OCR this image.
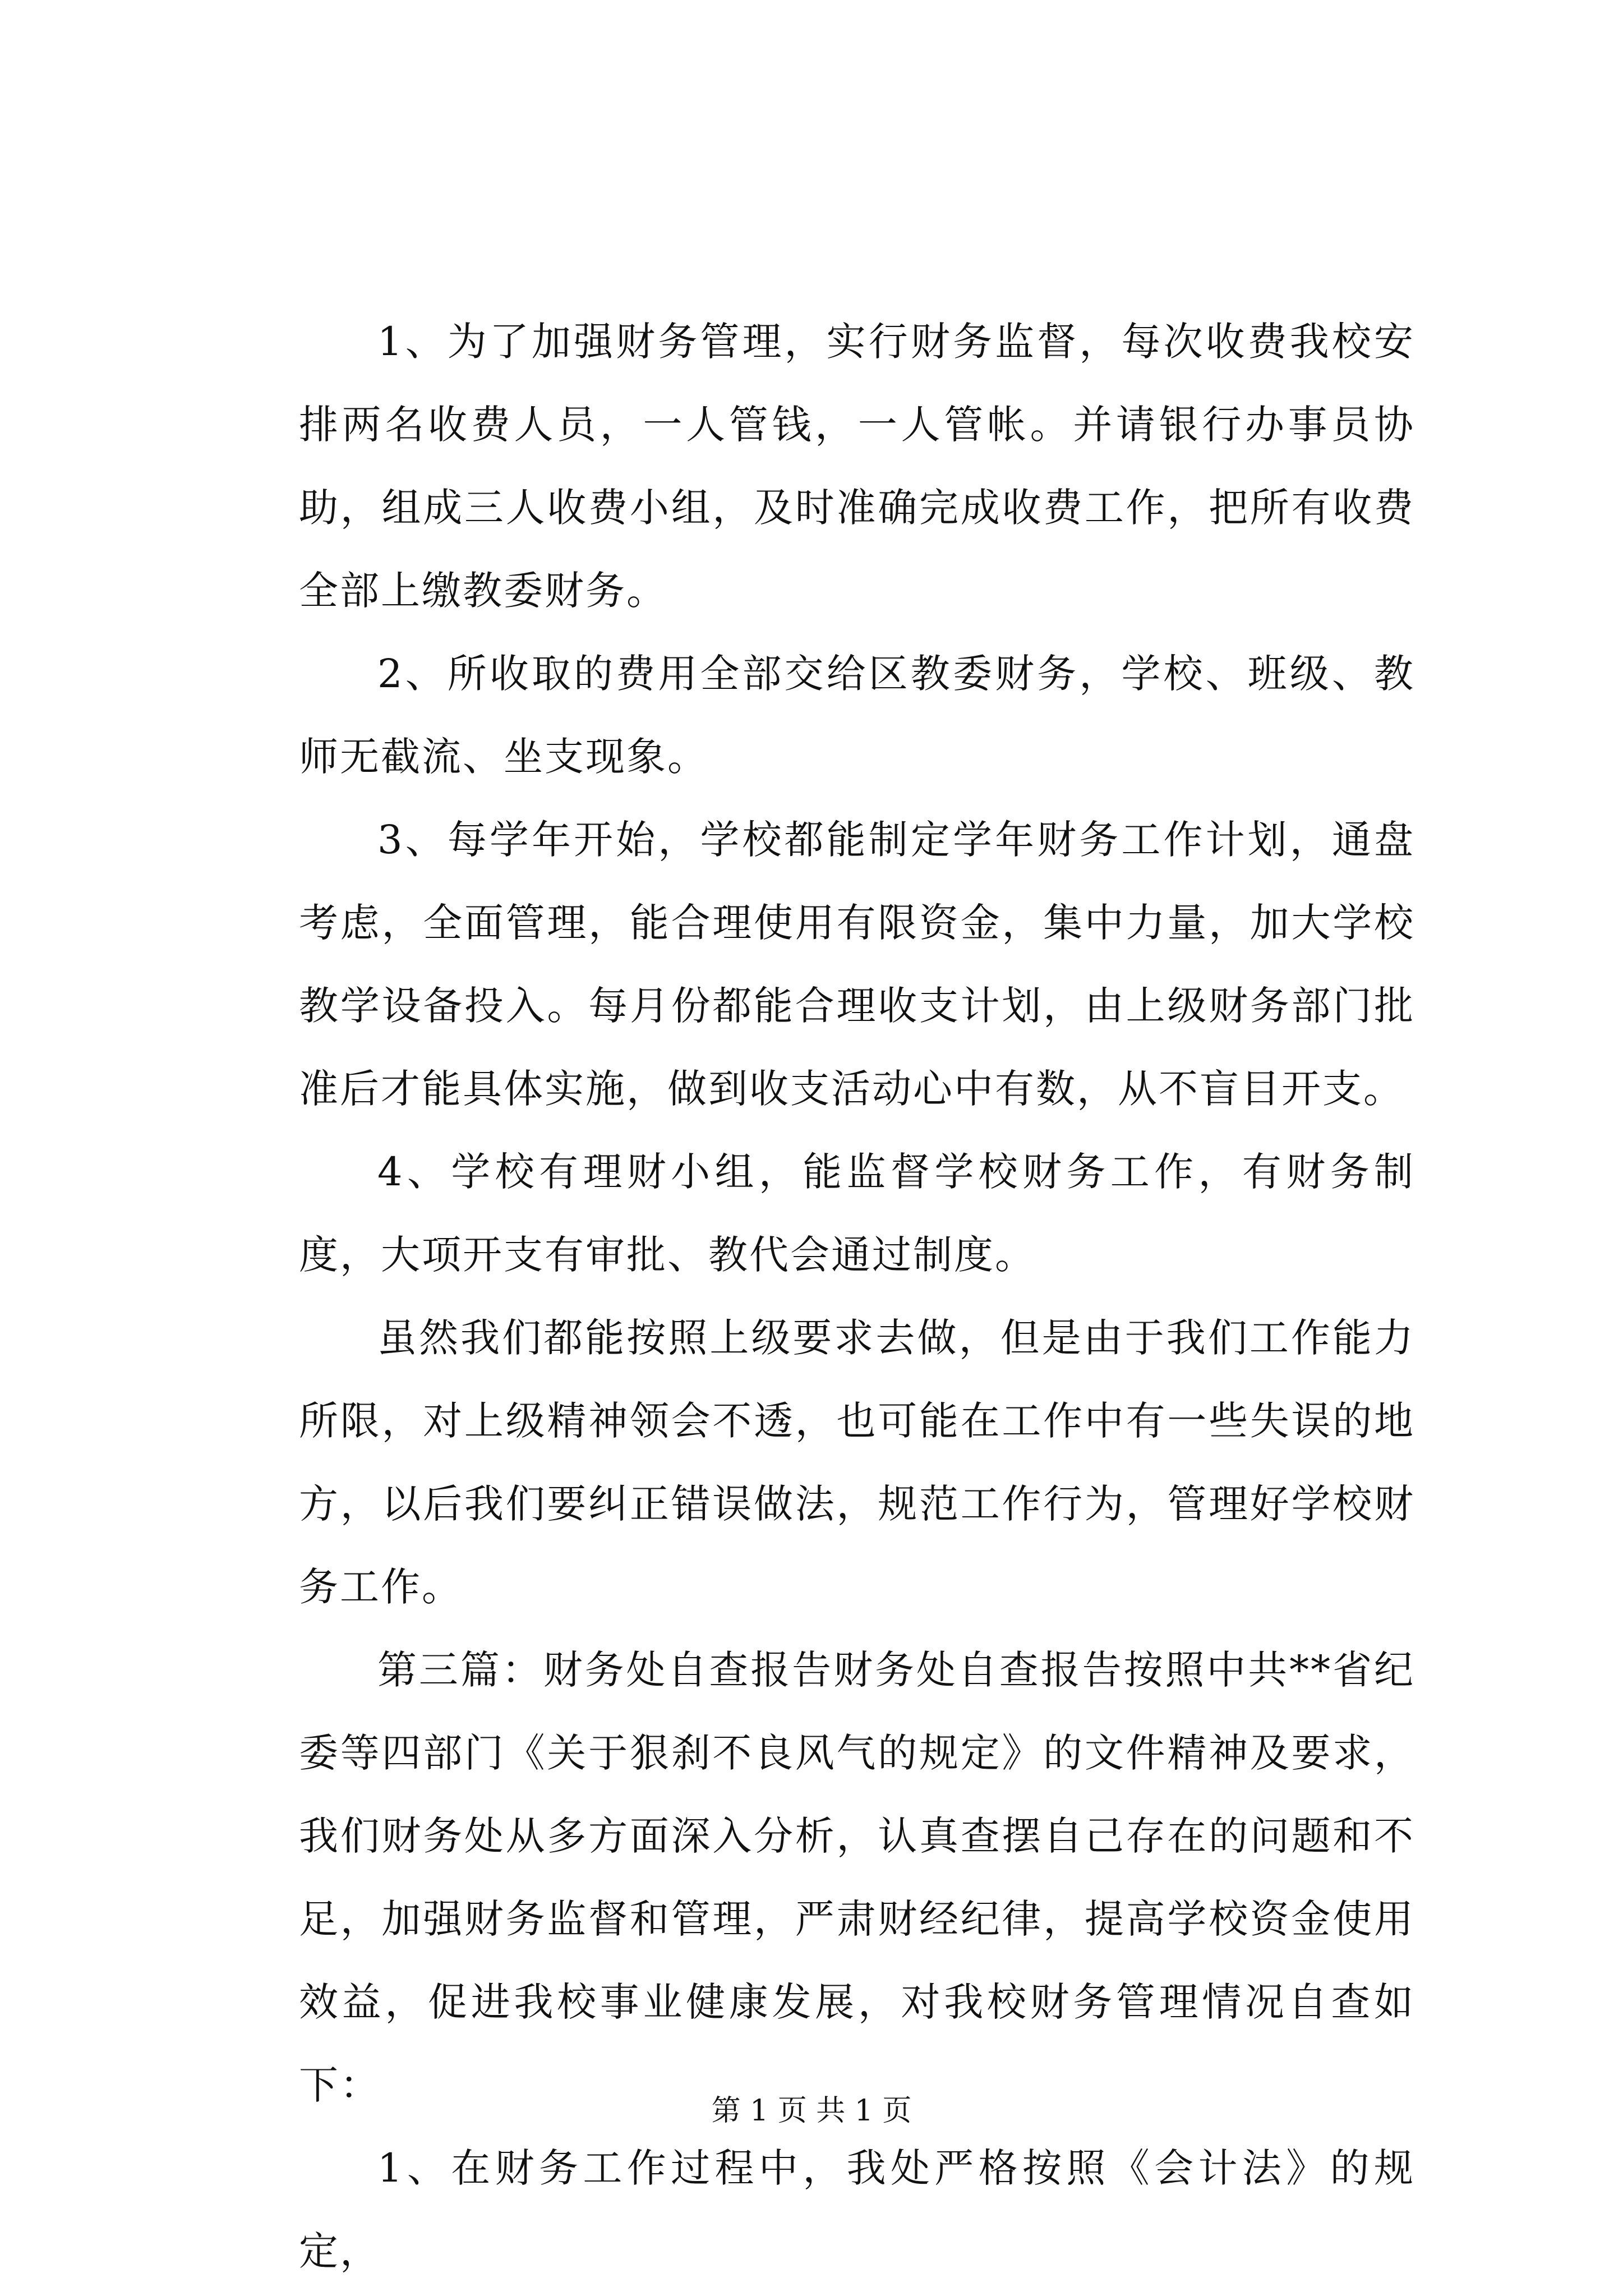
1、为了加强财务管理，实行财务监督，每次收费我校安排两名收费人员，一人管钱，一人管帐。并请银行办事员协助，组成三人收费小组，及时准确完成收费工作，把所有收费全部上缴教委财务。

2、所收取的费用全部交给区教委财务，学校、班级、教师无截流、坐支现象。

3、每学年开始，学校都能制定学年财务工作计划，通盘考虑，全面管理，能合理使用有限资金，集中力量，加大学校教学设备投入。每月份都能合理收支计划，由上级财务部门批准后才能具体实施，做到收支活动心中有数，从不盲目开支。

4、学校有理财小组，能监督学校财务工作，有财务制度，大项开支有审批、教代会通过制度。

虽然我们都能按照上级要求去做，但是由于我们工作能力所限，对上级精神领会不透，也可能在工作中有一些失误的地方，以后我们要纠正错误做法，规范工作行为，管理好学校财务工作。

第三篇：财务处自查报告财务处自查报告按照中共**省纪委等四部门《关于狠刹不良风气的规定》的文件精神及要求，我们财务处从多方面深入分析，认真查摆自己存在的问题和不足，加强财务监督和管理，严肃财经纪律，提高学校资金使用效益，促进我校事业健康发展，对我校财务管理情况自查如下：

1、在财务工作过程中，我处严格按照《会计法》的规定，

第 1 页 共 1 页
